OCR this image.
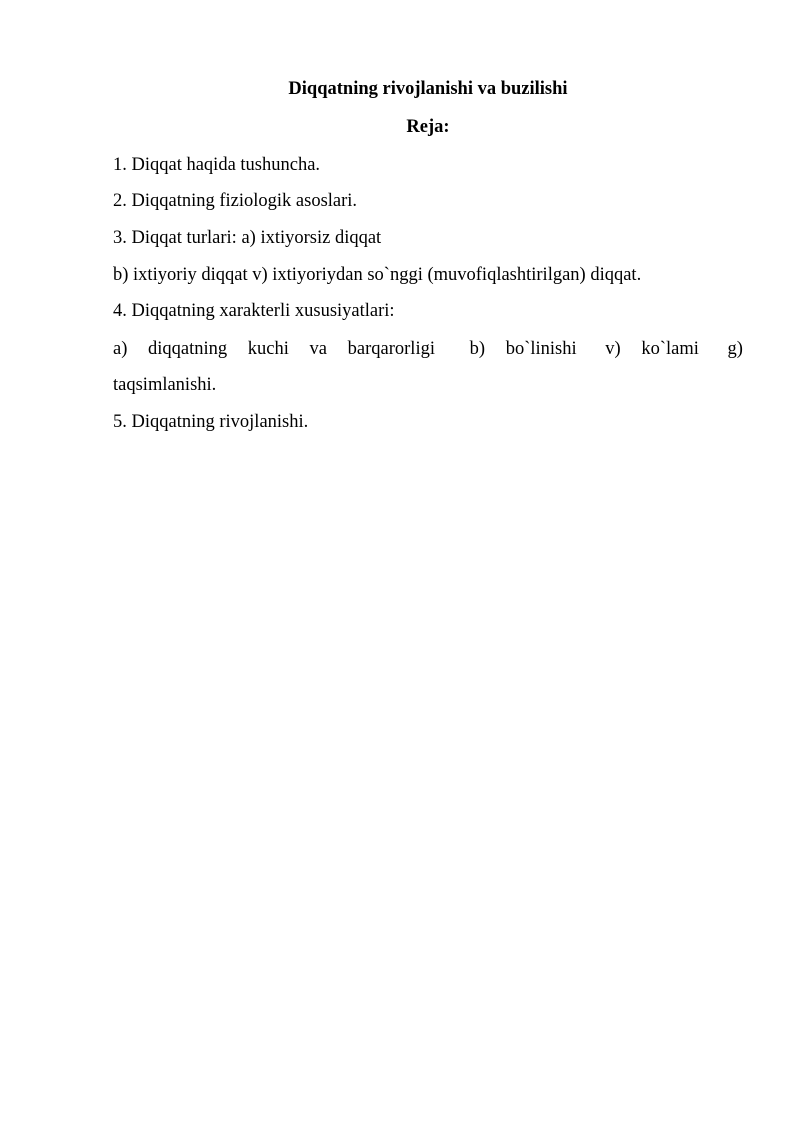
Diqqatning rivojlanishi va buzilishi
Reja:
1. Diqqat haqida tushuncha.
2. Diqqatning fiziologik asoslari.
3. Diqqat turlari: a) ixtiyorsiz diqqat
b) ixtiyoriy diqqat v) ixtiyoriydan so`nggi (muvofiqlashtirilgan) diqqat.
4. Diqqatning xarakterli xususiyatlari:
a) diqqatning kuchi va barqarorligi b) bo`linishi v) ko`lami g)
taqsimlanishi.
5. Diqqatning rivojlanishi.
